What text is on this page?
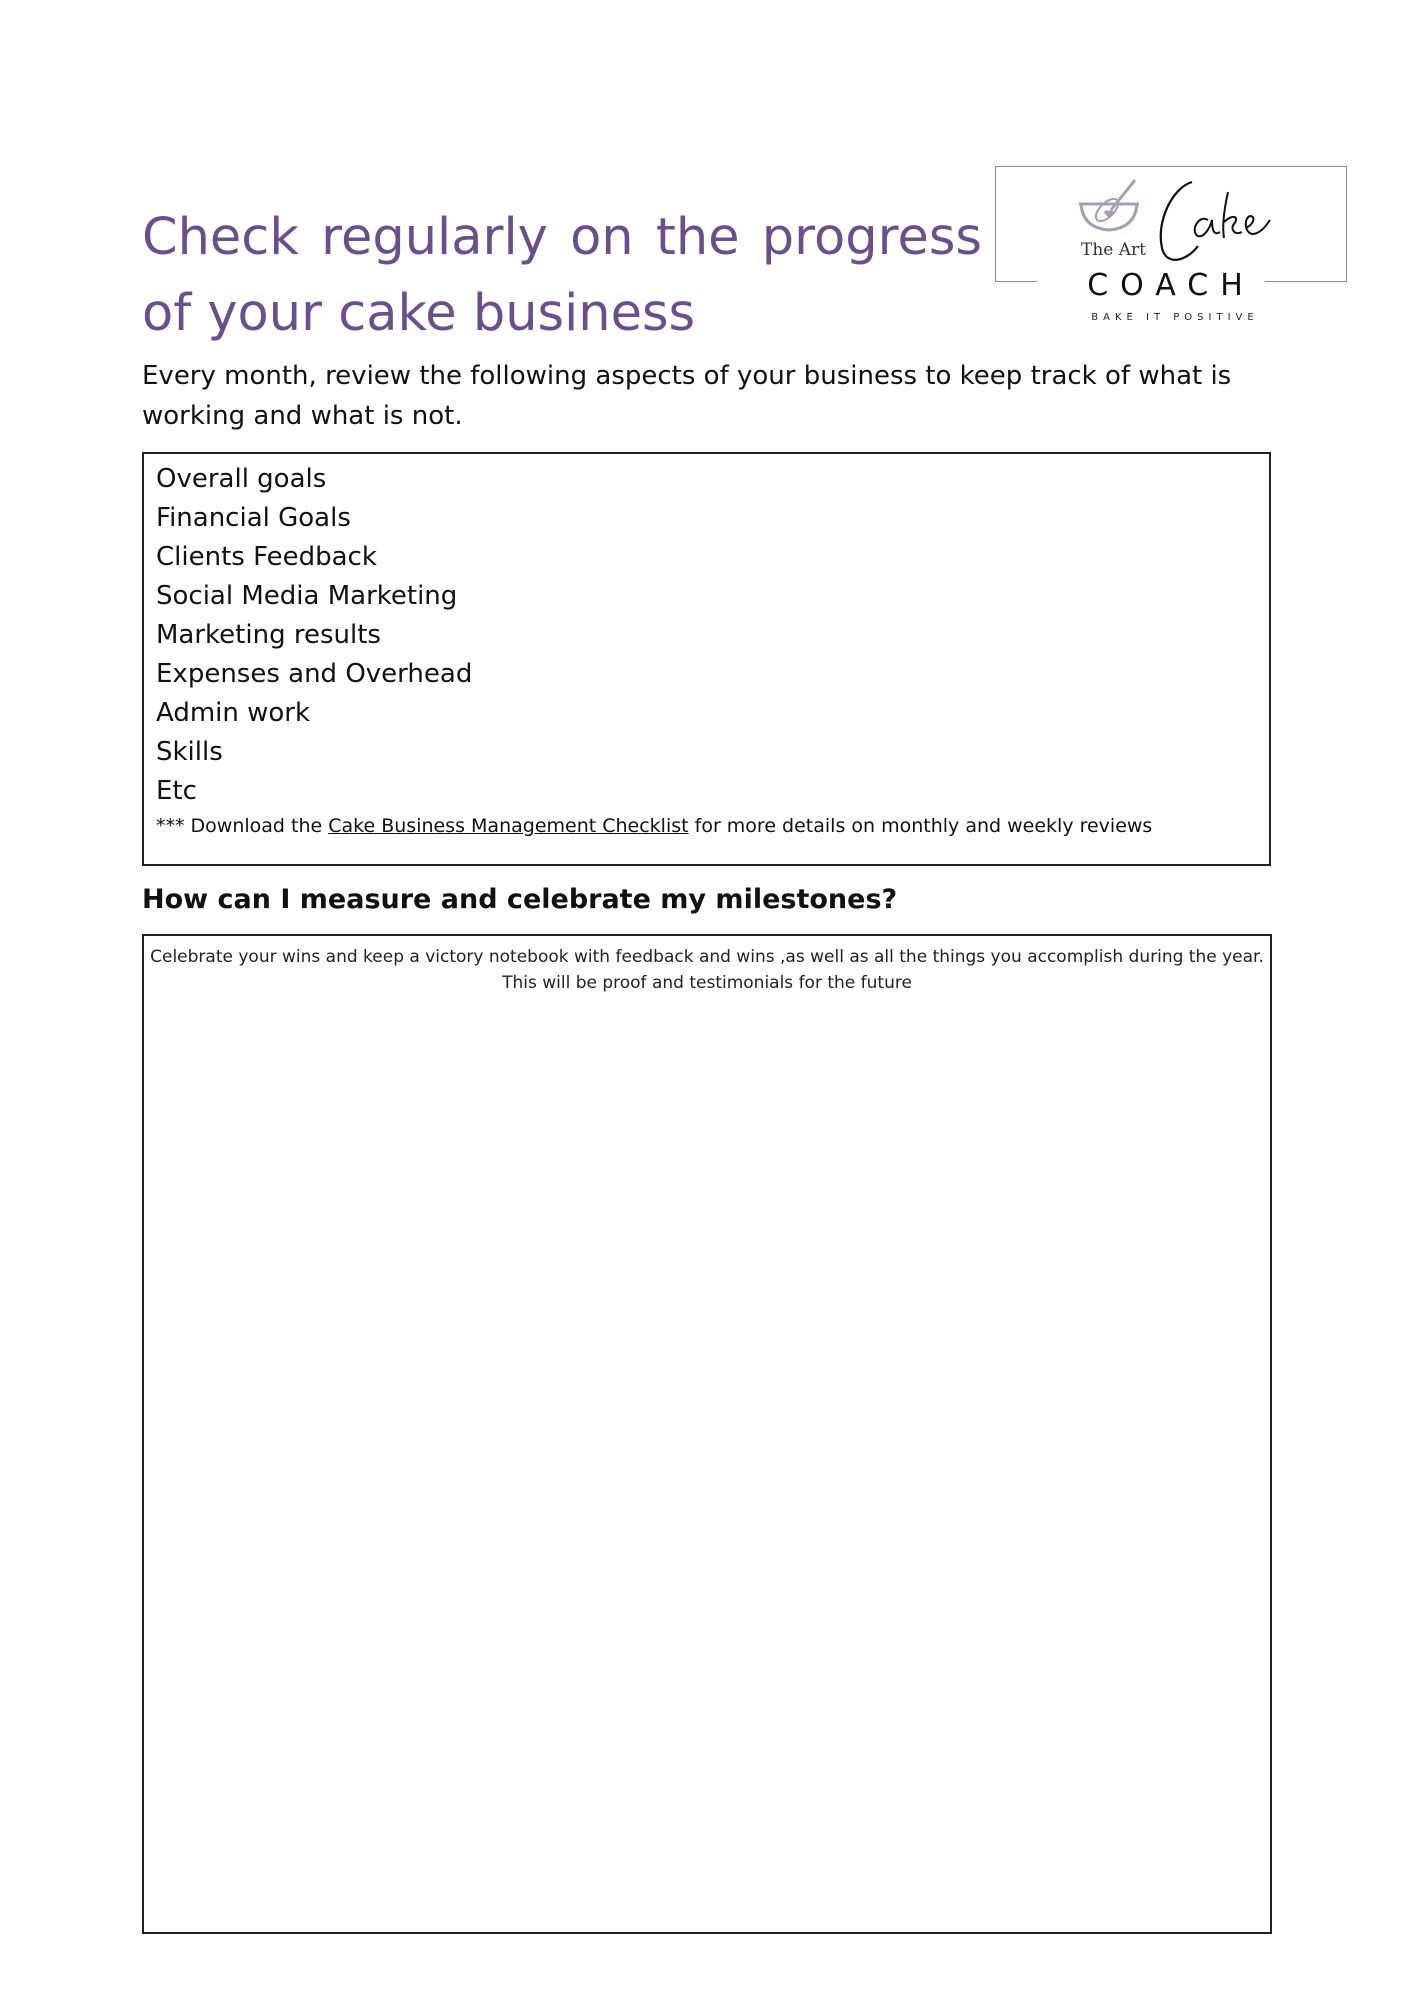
Check regularly on the progress
of your cake business
The Art
COACH
BAKE IT POSITIVE

Every month, review the following aspects of your business to keep track of what is working and what is not.

Overall goals
Financial Goals
Clients Feedback
Social Media Marketing
Marketing results
Expenses and Overhead
Admin work
Skills
Etc
*** Download the Cake Business Management Checklist for more details on monthly and weekly reviews
How can I measure and celebrate my milestones?

Celebrate your wins and keep a victory notebook with feedback and wins ,as well as all the things you accomplish during the year. This will be proof and testimonials for the future
